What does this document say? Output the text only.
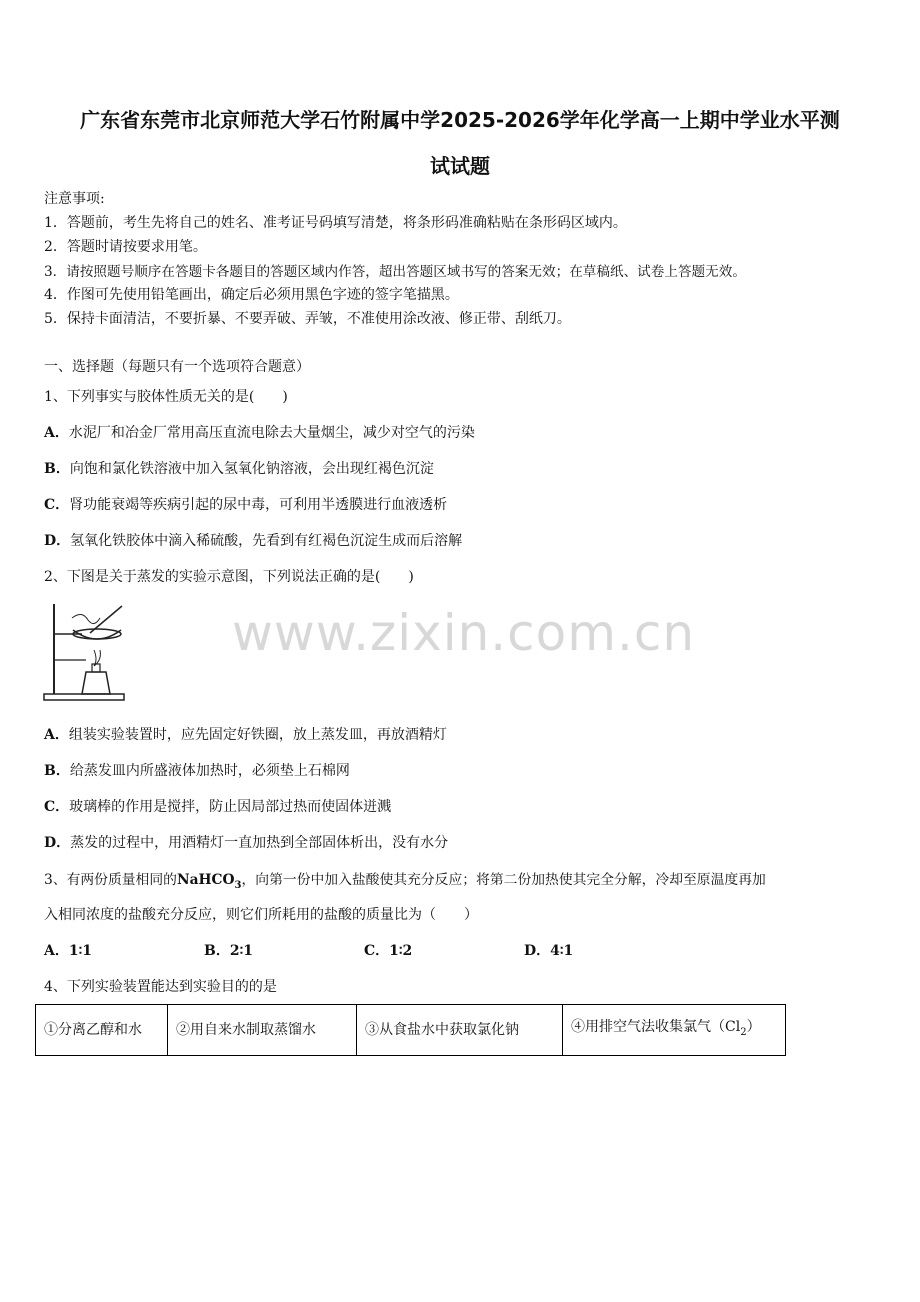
广东省东莞市北京师范大学石竹附属中学2025-2026学年化学高一上期中学业水平测
试试题
注意事项:
1．答题前，考生先将自己的姓名、准考证号码填写清楚，将条形码准确粘贴在条形码区域内。
2．答题时请按要求用笔。
3．请按照题号顺序在答题卡各题目的答题区域内作答，超出答题区域书写的答案无效；在草稿纸、试卷上答题无效。
4．作图可先使用铅笔画出，确定后必须用黑色字迹的签字笔描黑。
5．保持卡面清洁，不要折暴、不要弄破、弄皱，不准使用涂改液、修正带、刮纸刀。
一、选择题（每题只有一个选项符合题意）
1、下列事实与胶体性质无关的是(　　)
A．水泥厂和冶金厂常用高压直流电除去大量烟尘，减少对空气的污染
B．向饱和氯化铁溶液中加入氢氧化钠溶液，会出现红褐色沉淀
C．肾功能衰竭等疾病引起的尿中毒，可利用半透膜进行血液透析
D．氢氧化铁胶体中滴入稀硫酸，先看到有红褐色沉淀生成而后溶解
2、下图是关于蒸发的实验示意图，下列说法正确的是(　　)
www.zixin.com.cn
A．组装实验装置时，应先固定好铁圈，放上蒸发皿，再放酒精灯
B．给蒸发皿内所盛液体加热时，必须垫上石棉网
C．玻璃棒的作用是搅拌，防止因局部过热而使固体迸溅
D．蒸发的过程中，用酒精灯一直加热到全部固体析出，没有水分
3、有两份质量相同的NaHCO$_3$，向第一份中加入盐酸使其充分反应；将第二份加热使其完全分解，冷却至原温度再加
入相同浓度的盐酸充分反应，则它们所耗用的盐酸的质量比为（　　）
A．1∶1	B．2∶1	C．1∶2	D．4∶1
4、下列实验装置能达到实验目的的是
①分离乙醇和水	②用自来水制取蒸馏水	③从食盐水中获取氯化钠	④用排空气法收集氯气$(Cl_2)$
